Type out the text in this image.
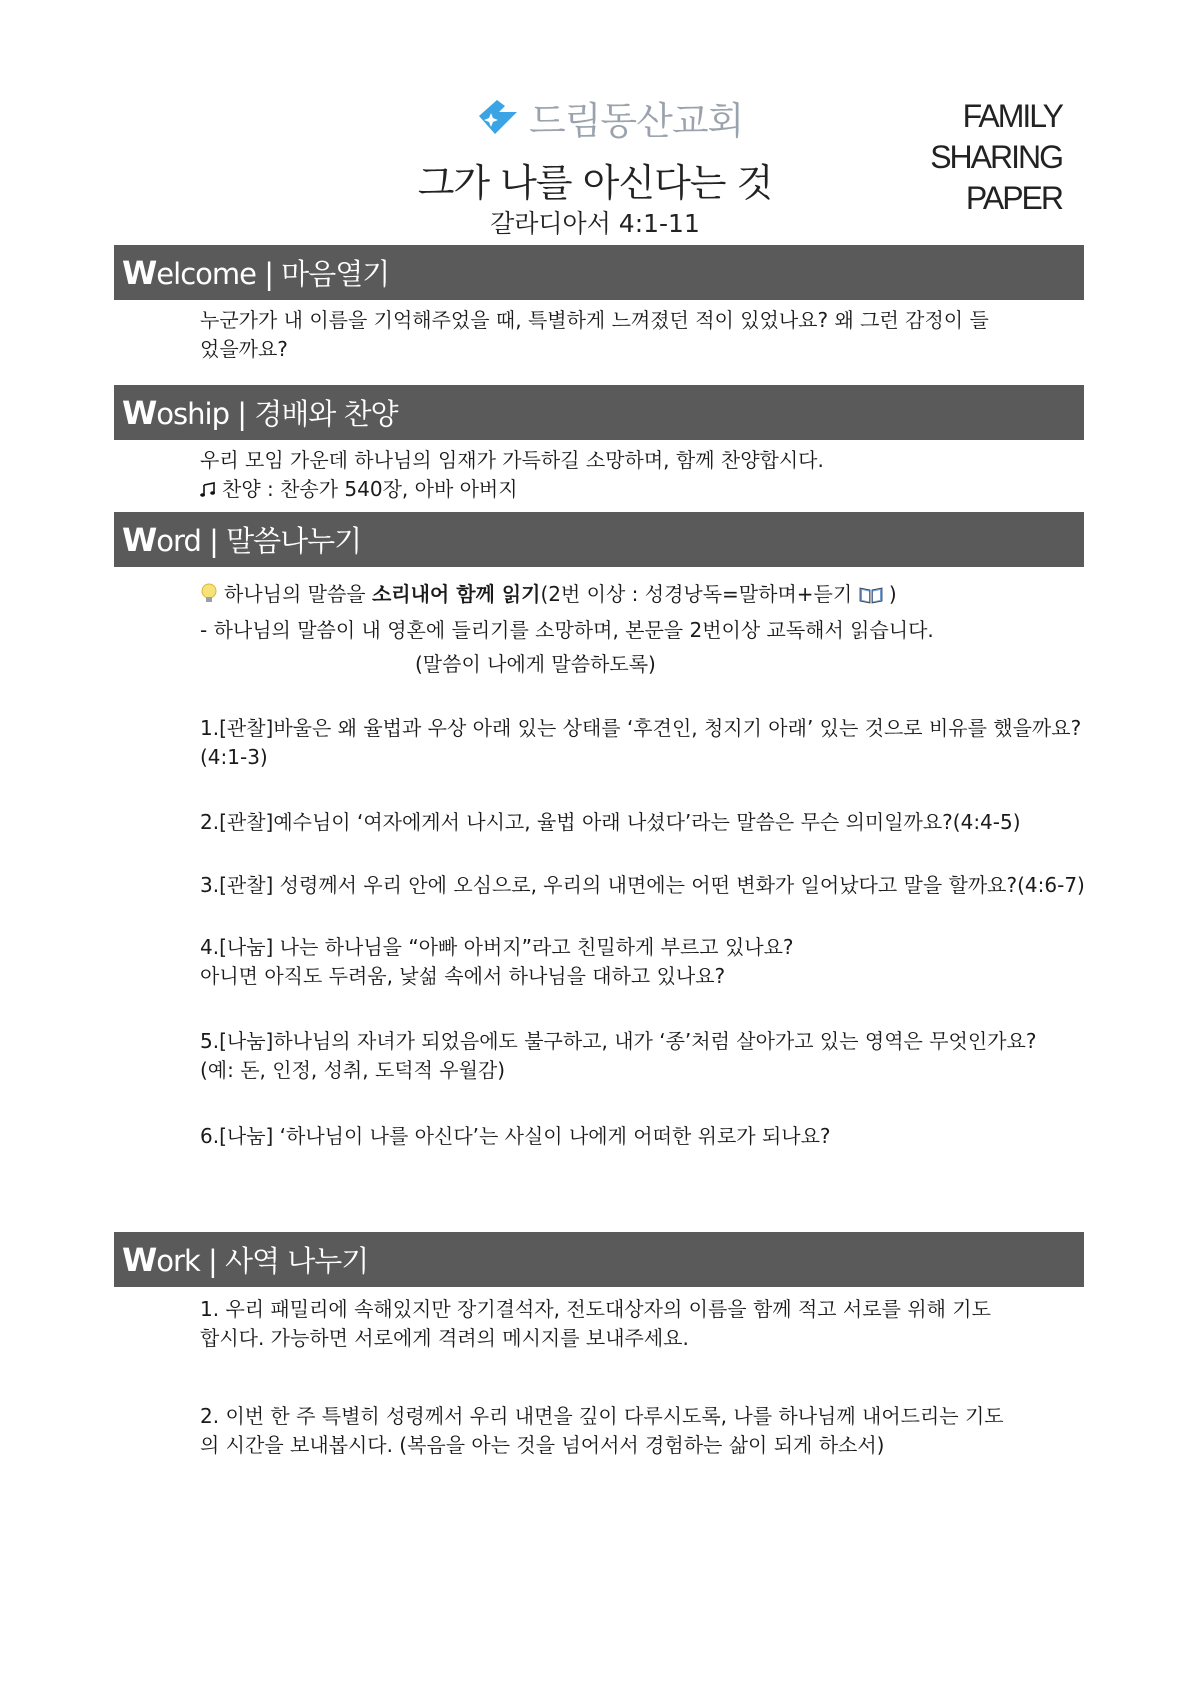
드림동산교회	FAMILY
SHARING
PAPER
그가 나를 아신다는 것
갈라디아서 4:1-11
W elcome | 마음열기
누군가가 내 이름을 기억해주었을 때, 특별하게 느껴졌던 적이 있었나요? 왜 그런 감정이 들
었을까요?
W oship | 경배와 찬양
우리 모임 가운데 하나님의 임재가 가득하길 소망하며, 함께 찬양합시다.
찬양 : 찬송가 540장, 아바 아버지
W ord | 말씀나누기
하나님의 말씀을 소리내어 함께 읽기(2번 이상 : 성경낭독=말하며+듣기 )
- 하나님의 말씀이 내 영혼에 들리기를 소망하며, 본문을 2번이상 교독해서 읽습니다.
(말씀이 나에게 말씀하도록)
1.[관찰]바울은 왜 율법과 우상 아래 있는 상태를 ‘후견인, 청지기 아래’ 있는 것으로 비유를 했을까요?
(4:1-3)
2.[관찰]예수님이 ‘여자에게서 나시고, 율법 아래 나셨다’라는 말씀은 무슨 의미일까요?(4:4-5)
3.[관찰] 성령께서 우리 안에 오심으로, 우리의 내면에는 어떤 변화가 일어났다고 말을 할까요?(4:6-7)
4.[나눔] 나는 하나님을 “아빠 아버지”라고 친밀하게 부르고 있나요?
아니면 아직도 두려움, 낯섦 속에서 하나님을 대하고 있나요?
5.[나눔]하나님의 자녀가 되었음에도 불구하고, 내가 ‘종’처럼 살아가고 있는 영역은 무엇인가요?
(예: 돈, 인정, 성취, 도덕적 우월감)
6.[나눔] ‘하나님이 나를 아신다’는 사실이 나에게 어떠한 위로가 되나요?
W ork | 사역 나누기
1. 우리 패밀리에 속해있지만 장기결석자, 전도대상자의 이름을 함께 적고 서로를 위해 기도
합시다. 가능하면 서로에게 격려의 메시지를 보내주세요.
2. 이번 한 주 특별히 성령께서 우리 내면을 깊이 다루시도록, 나를 하나님께 내어드리는 기도
의 시간을 보내봅시다. (복음을 아는 것을 넘어서서 경험하는 삶이 되게 하소서)
